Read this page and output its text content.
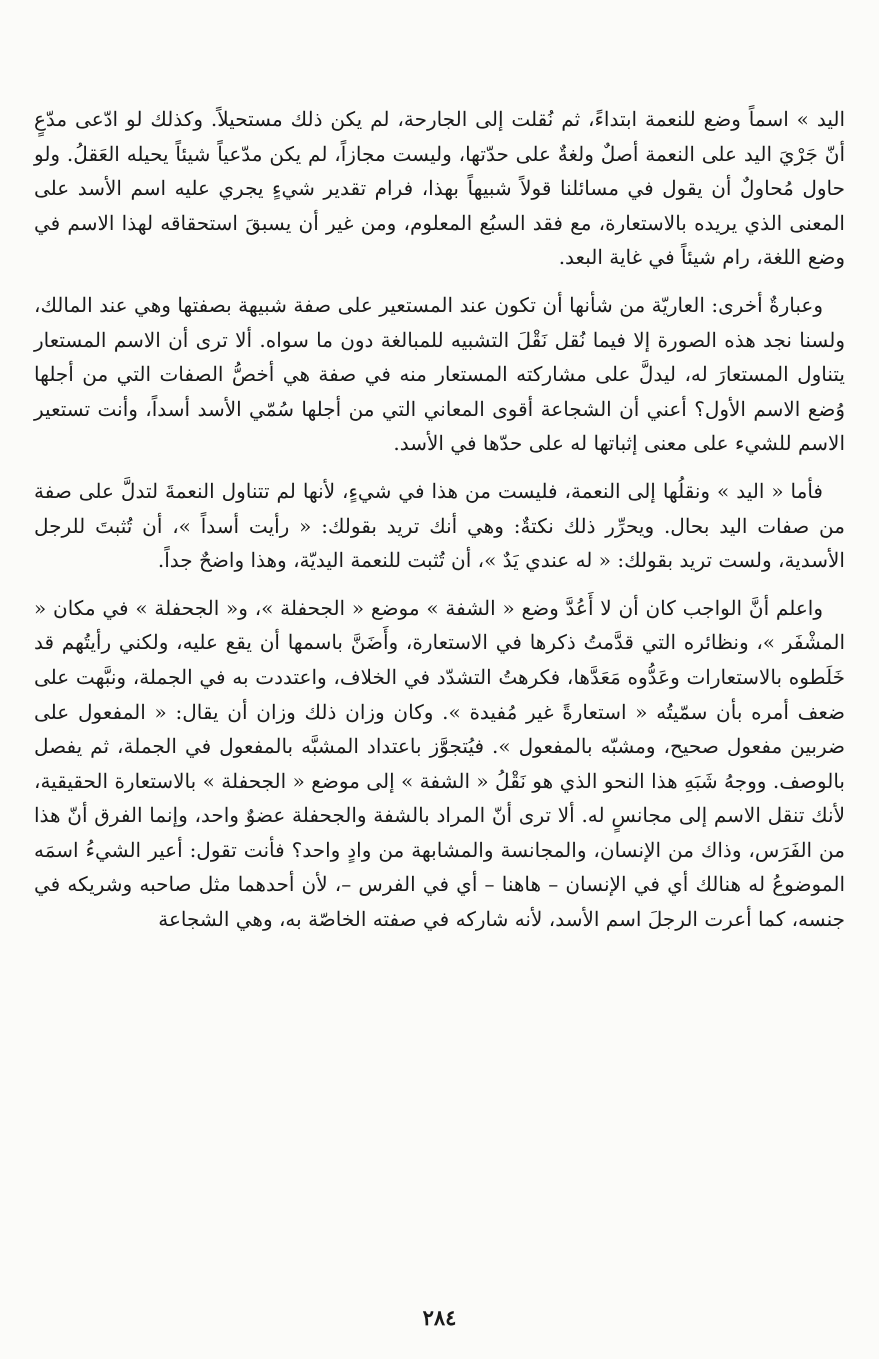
اليد » اسماً وضع للنعمة ابتداءً، ثم نُقلت إلى الجارحة، لم يكن ذلك مستحيلاً. وكذلك لو ادّعى مدّعٍ أنّ جَرْيَ اليد على النعمة أصلٌ ولغةٌ على حدّتها، وليست مجازاً، لم يكن مدّعياً شيئاً يحيله العَقلُ. ولو حاول مُحاولٌ أن يقول في مسائلنا قولاً شبيهاً بهذا، فرام تقدير شيءٍ يجري عليه اسم الأسد على المعنى الذي يريده بالاستعارة، مع فقد السبُع المعلوم، ومن غير أن يسبقَ استحقاقه لهذا الاسم في وضع اللغة، رام شيئاً في غاية البعد.

وعبارةٌ أخرى: العاريّة من شأنها أن تكون عند المستعير على صفة شبيهة بصفتها وهي عند المالك، ولسنا نجد هذه الصورة إلا فيما نُقل نَقْلَ التشبيه للمبالغة دون ما سواه. ألا ترى أن الاسم المستعار يتناول المستعارَ له، ليدلَّ على مشاركته المستعار منه في صفة هي أخصُّ الصفات التي من أجلها وُضع الاسم الأول؟ أعني أن الشجاعة أقوى المعاني التي من أجلها سُمّي الأسد أسداً، وأنت تستعير الاسم للشيء على معنى إثباتها له على حدّها في الأسد.

فأما « اليد » ونقلُها إلى النعمة، فليست من هذا في شيءٍ، لأنها لم تتناول النعمةَ لتدلَّ على صفة من صفات اليد بحال. ويحرِّر ذلك نكتةٌ: وهي أنك تريد بقولك: « رأيت أسداً »، أن تُثبتَ للرجل الأسدية، ولست تريد بقولك: « له عندي يَدٌ »، أن تُثبت للنعمة اليديّة، وهذا واضحٌ جداً.

واعلم أنَّ الواجب كان أن لا أَعُدَّ وضع « الشفة » موضع « الجحفلة »، و« الجحفلة » في مكان « المشْفَر »، ونظائره التي قدَّمتُ ذكرها في الاستعارة، وأَضَنَّ باسمها أن يقع عليه، ولكني رأيتُهم قد خَلَطوه بالاستعارات وعَدُّوه مَعَدَّها، فكرهتُ التشدّد في الخلاف، واعتددت به في الجملة، ونبَّهت على ضعف أمره بأن سمّيتُه « استعارةً غير مُفيدة ». وكان وزان ذلك وزان أن يقال: « المفعول على ضربين مفعول صحيح، ومشبّه بالمفعول ». فيُتجوَّز باعتداد المشبَّه بالمفعول في الجملة، ثم يفصل بالوصف. ووجهُ شَبَهِ هذا النحو الذي هو نَقْلُ « الشفة » إلى موضع « الجحفلة » بالاستعارة الحقيقية، لأنك تنقل الاسم إلى مجانسٍ له. ألا ترى أنّ المراد بالشفة والجحفلة عضوٌ واحد، وإنما الفرق أنّ هذا من الفَرَس، وذاك من الإنسان، والمجانسة والمشابهة من وادٍ واحد؟ فأنت تقول: أعير الشيءُ اسمَه الموضوعُ له هنالك أي في الإنسان – هاهنا – أي في الفرس –، لأن أحدهما مثل صاحبه وشريكه في جنسه، كما أعرت الرجلَ اسم الأسد، لأنه شاركه في صفته الخاصّة به، وهي الشجاعة

٢٨٤
